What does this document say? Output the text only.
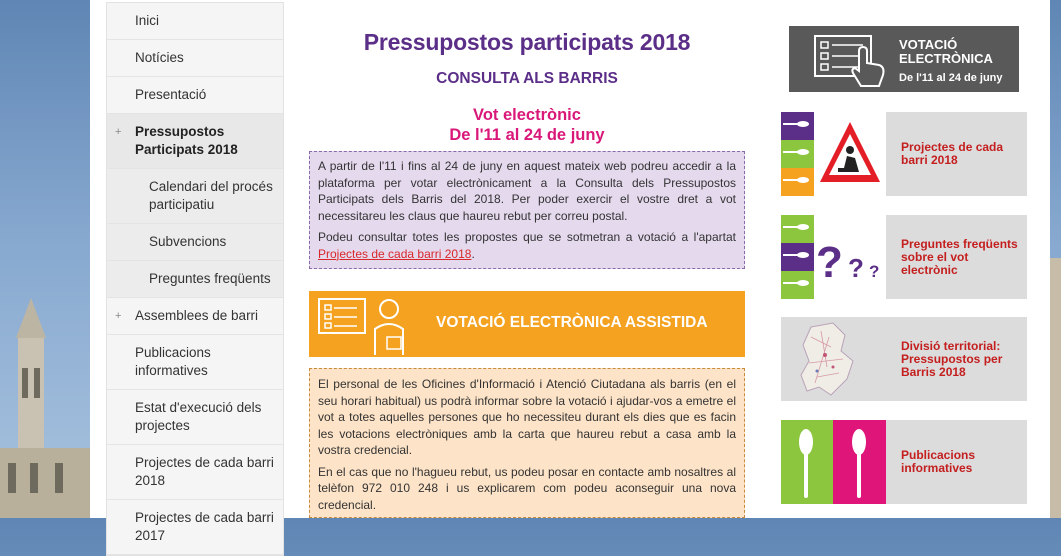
Inici
Notícies
Presentació
+ Pressupostos Participats 2018
Calendari del procés participatiu
Subvencions
Preguntes freqüents
+ Assemblees de barri
Publicacions informatives
Estat d'execució dels projectes
Projectes de cada barri 2018
Projectes de cada barri 2017
Pressupostos participats 2018
CONSULTA ALS BARRIS
Vot electrònic
De l'11 al 24 de juny

A partir de l'11 i fins al 24 de juny en aquest mateix web podreu accedir a la plataforma per votar electrònicament a la Consulta dels Pressupostos Participats dels Barris del 2018. Per poder exercir el vostre dret a vot necessitareu les claus que haureu rebut per correu postal.

Podeu consultar totes les propostes que se sotmetran a votació a l'apartat Projectes de cada barri 2018.

VOTACIÓ ELECTRÒNICA ASSISTIDA

El personal de les Oficines d'Informació i Atenció Ciutadana als barris (en el seu horari habitual) us podrà informar sobre la votació i ajudar-vos a emetre el vot a totes aquelles persones que ho necessiteu durant els dies que es facin les votacions electròniques amb la carta que haureu rebut a casa amb la vostra credencial.

En el cas que no l'hagueu rebut, us podeu posar en contacte amb nosaltres al telèfon 972 010 248 i us explicarem com podeu aconseguir una nova credencial.

VOTACIÓ
ELECTRÒNICA
De l'11 al 24 de juny
Projectes de cada barri 2018
? ? ?
Preguntes freqüents sobre el vot electrònic
Divisió territorial: Pressupostos per Barris 2018
Publicacions informatives
